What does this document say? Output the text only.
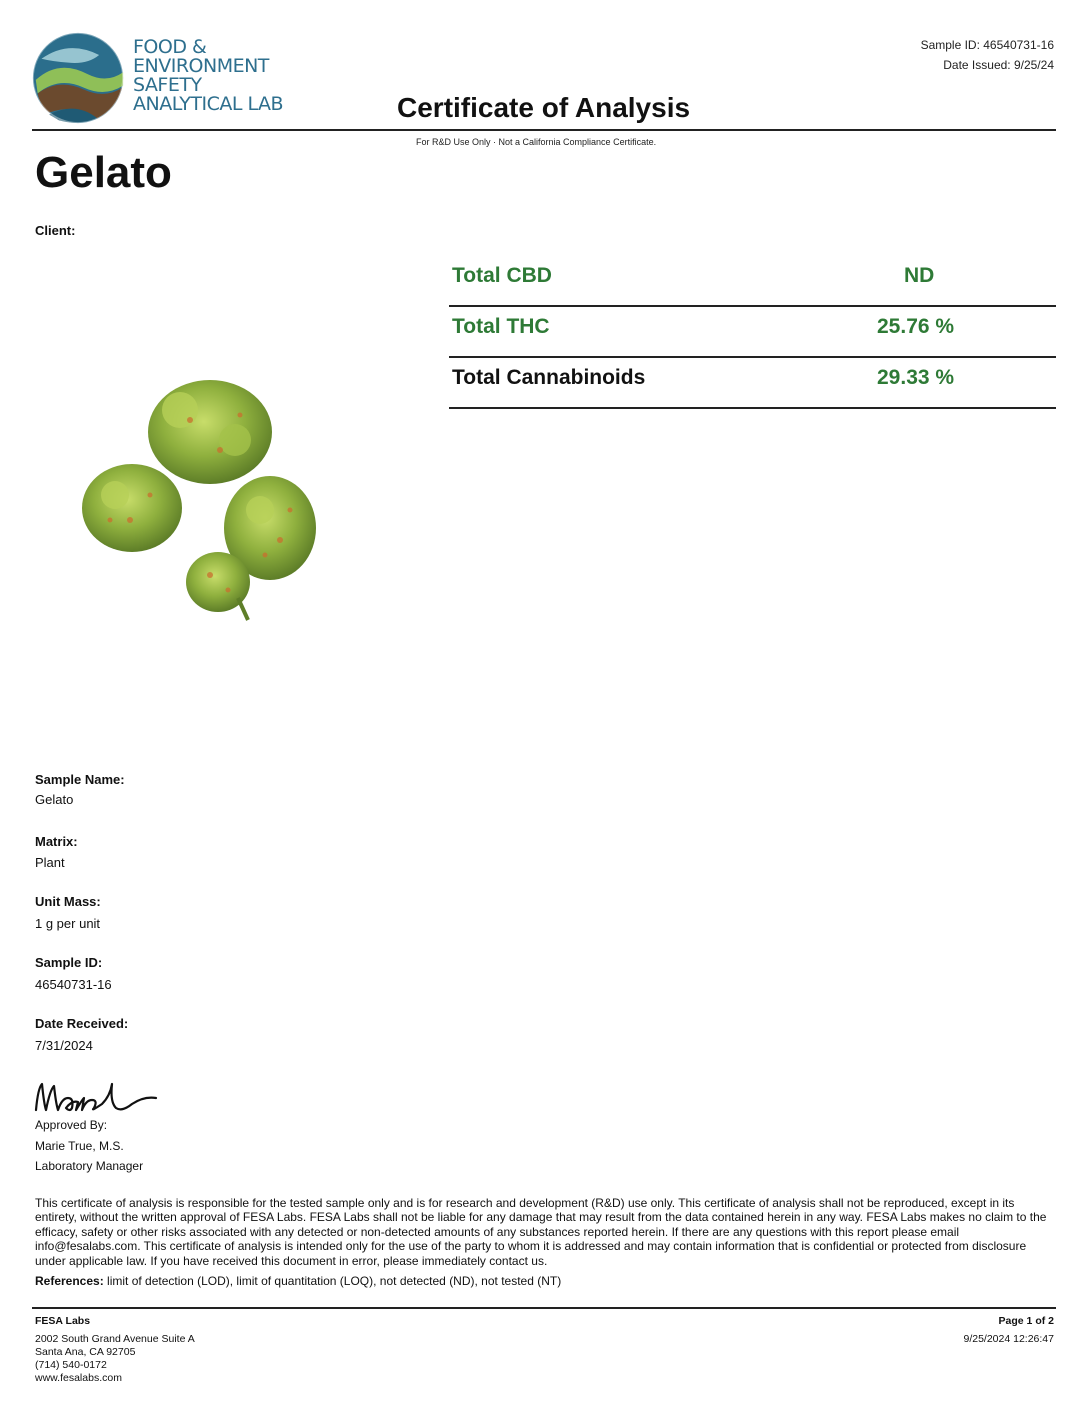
FOOD &
ENVIRONMENT
SAFETY
ANALYTICAL LAB
Sample ID: 46540731-16
Date Issued: 9/25/24
Certificate of Analysis
For R&D Use Only · Not a California Compliance Certificate.
Gelato
Client:
Total CBD	ND
Total THC	25.76 %
Total Cannabinoids	29.33 %
Sample Name:
Gelato
Matrix:
Plant
Unit Mass:
1 g per unit
Sample ID:
46540731-16
Date Received:
7/31/2024
Approved By:
Marie True, M.S.
Laboratory Manager
This certificate of analysis is responsible for the tested sample only and is for research and development (R&D) use only. This certificate of analysis shall not be reproduced, except in its entirety, without the written approval of FESA Labs. FESA Labs shall not be liable for any damage that may result from the data contained herein in any way. FESA Labs makes no claim to the efficacy, safety or other risks associated with any detected or non-detected amounts of any substances reported herein. If there are any questions with this report please email info@fesalabs.com. This certificate of analysis is intended only for the use of the party to whom it is addressed and may contain information that is confidential or protected from disclosure under applicable law. If you have received this document in error, please immediately contact us.
References: limit of detection (LOD), limit of quantitation (LOQ), not detected (ND), not tested (NT)
FESA Labs
2002 South Grand Avenue Suite A
Santa Ana, CA 92705
(714) 540-0172
www.fesalabs.com
Page 1 of 2
9/25/2024 12:26:47
